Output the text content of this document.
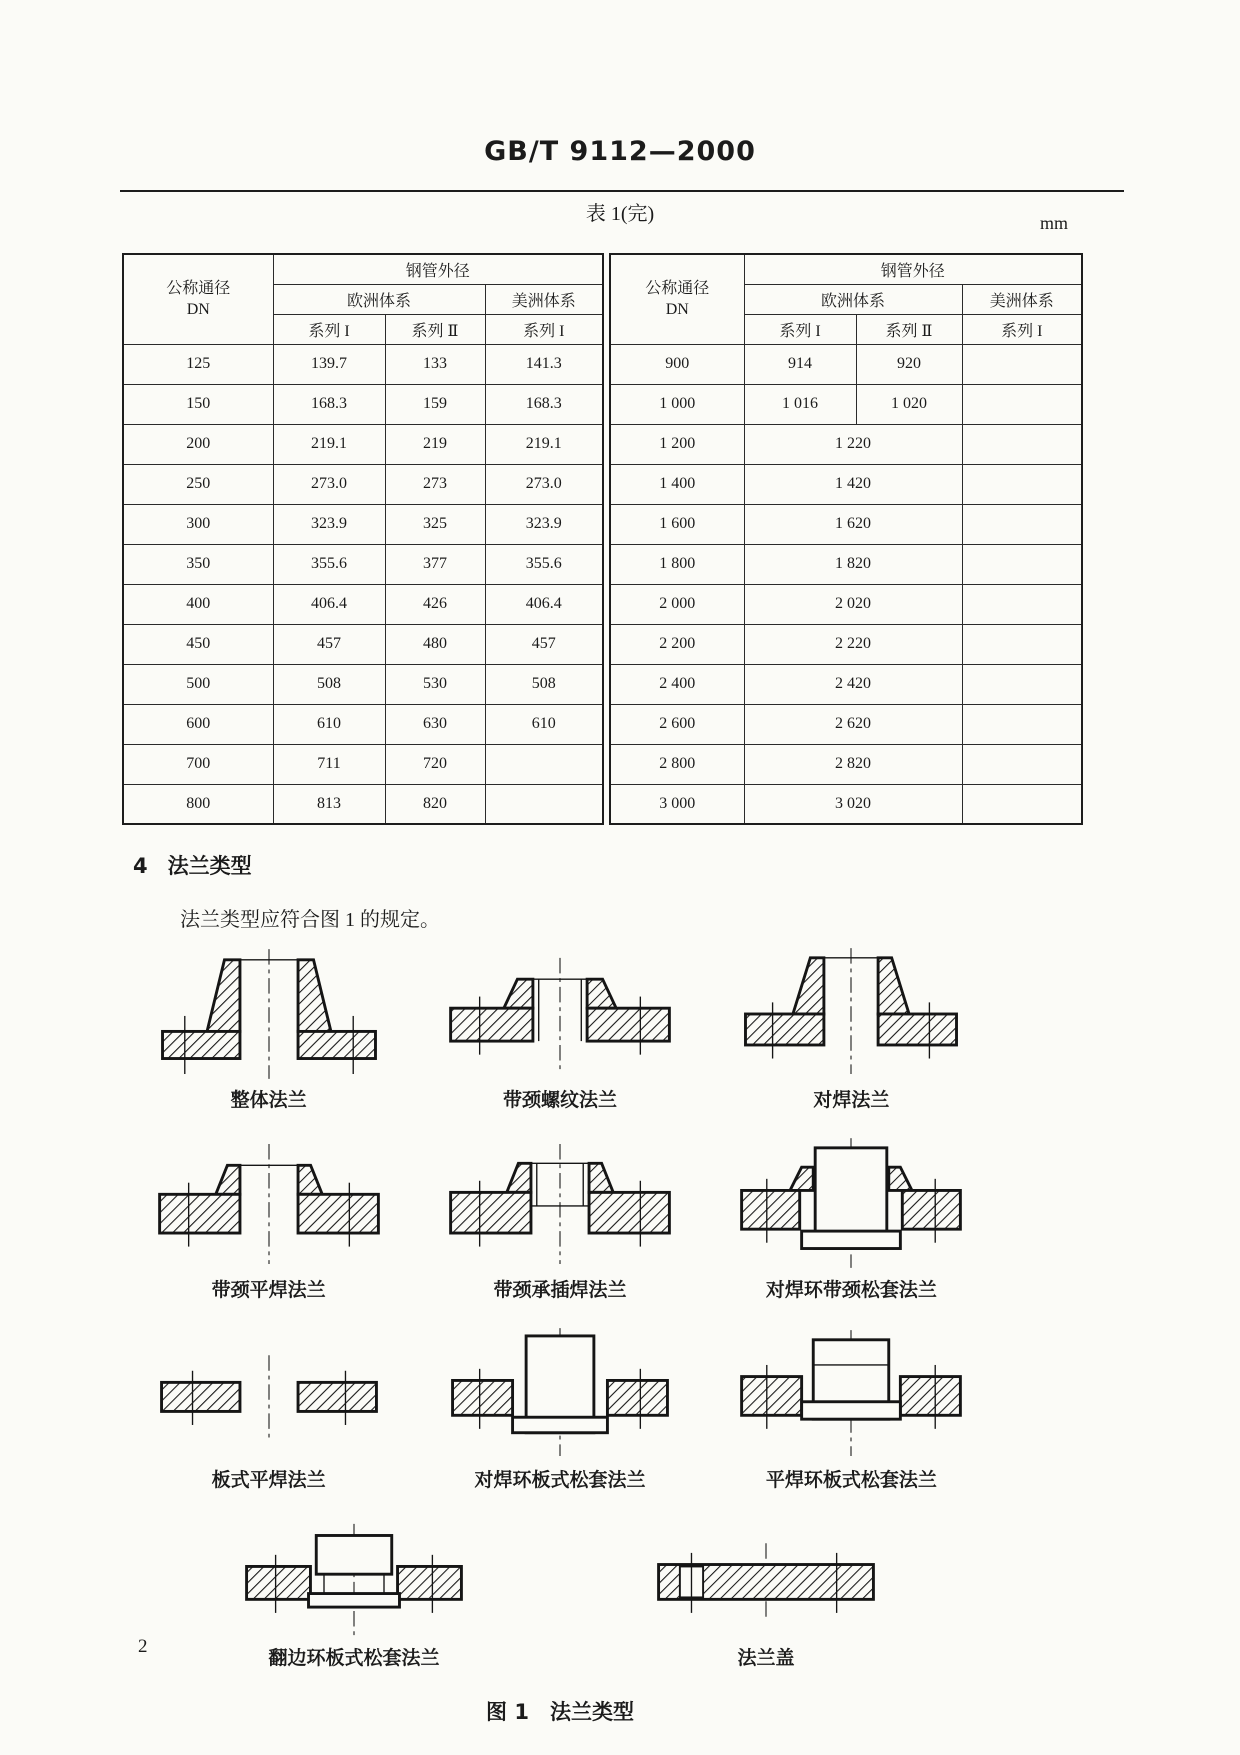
GB/T 9112—2000
表 1(完)	mm
公称通径
DN	钢管外径		
	欧洲体系		美洲体系
	系列 I	系列 Ⅱ	系列 I
125	139.7	133	141.3
150	168.3	159	168.3
200	219.1	219	219.1
250	273.0	273	273.0
300	323.9	325	323.9
350	355.6	377	355.6
400	406.4	426	406.4
450	457	480	457
500	508	530	508
600	610	630	610
700	711	720	
800	813	820	
公称通径
DN	钢管外径		
	欧洲体系		美洲体系
	系列 I	系列 Ⅱ	系列 I
900	914	920	
1 000	1 016	1 020	
1 200	1 220		
1 400	1 420		
1 600	1 620		
1 800	1 820		
2 000	2 020		
2 200	2 220		
2 400	2 420		
2 600	2 620		
2 800	2 820		
3 000	3 020		
4 法兰类型

法兰类型应符合图 1 的规定。

整体法兰	带颈螺纹法兰	对焊法兰
带颈平焊法兰	带颈承插焊法兰	对焊环带颈松套法兰
板式平焊法兰	对焊环板式松套法兰	平焊环板式松套法兰
翻边环板式松套法兰	法兰盖
图 1　法兰类型
2
